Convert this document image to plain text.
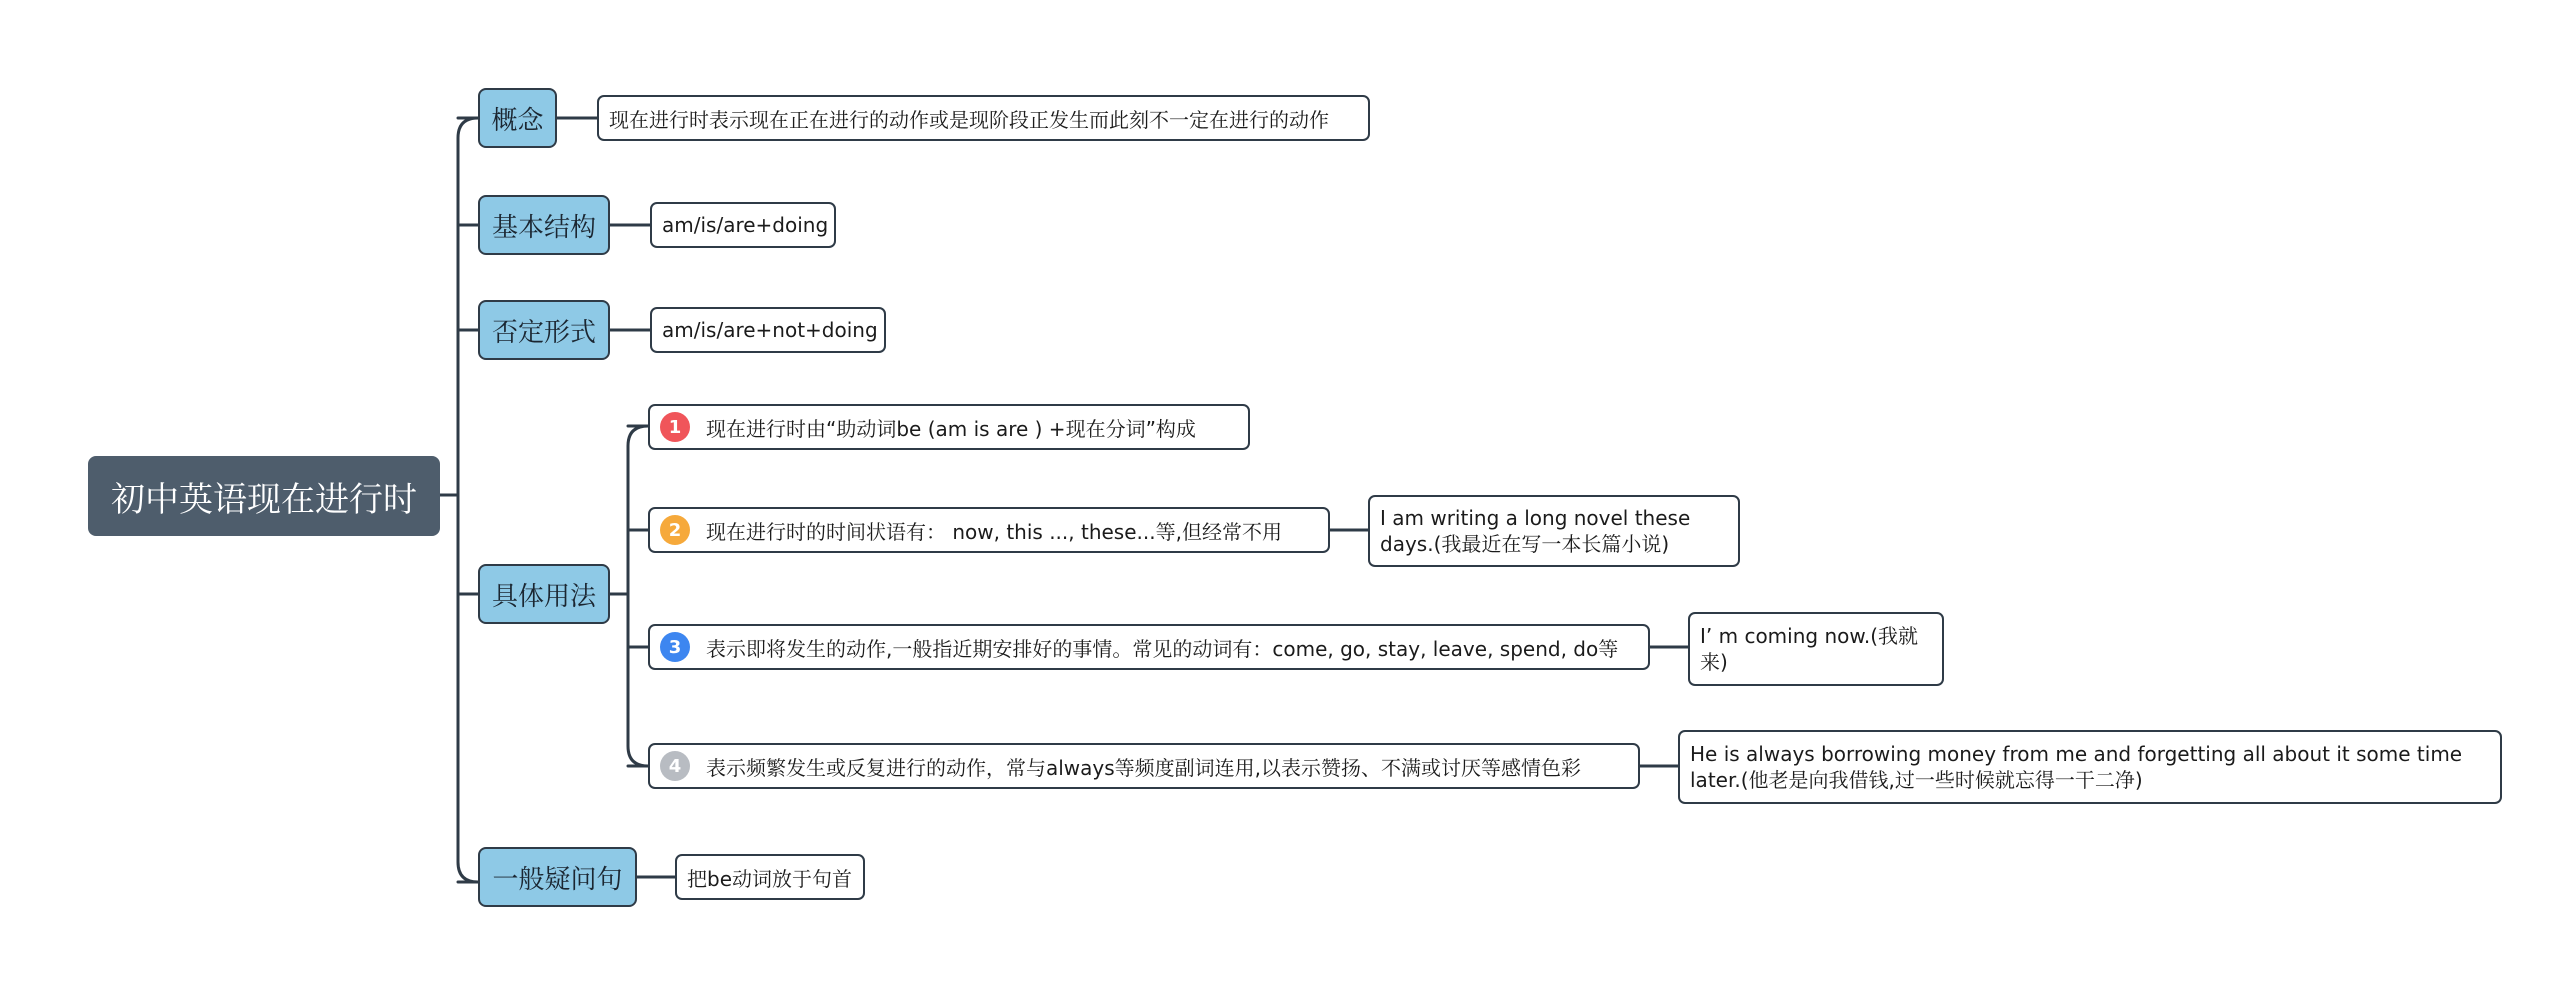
初中英语现在进行时
概念	现在进行时表示现在正在进行的动作或是现阶段正发生而此刻不一定在进行的动作
基本结构	am/is/are+doing
否定形式	am/is/are+not+doing
具体用法
1	现在进行时由“助动词be (am is are ) +现在分词”构成
2	现在进行时的时间状语有： now, this ..., these...等,但经常不用
I am writing a long novel these days.(我最近在写一本长篇小说)
3	表示即将发生的动作,一般指近期安排好的事情。常见的动词有：come, go, stay, leave, spend, do等
I’ m coming now.(我就来)
4	表示频繁发生或反复进行的动作，常与always等频度副词连用,以表示赞扬、不满或讨厌等感情色彩
He is always borrowing money from me and forgetting all about it some time later.(他老是向我借钱,过一些时候就忘得一干二净)
一般疑问句	把be动词放于句首
